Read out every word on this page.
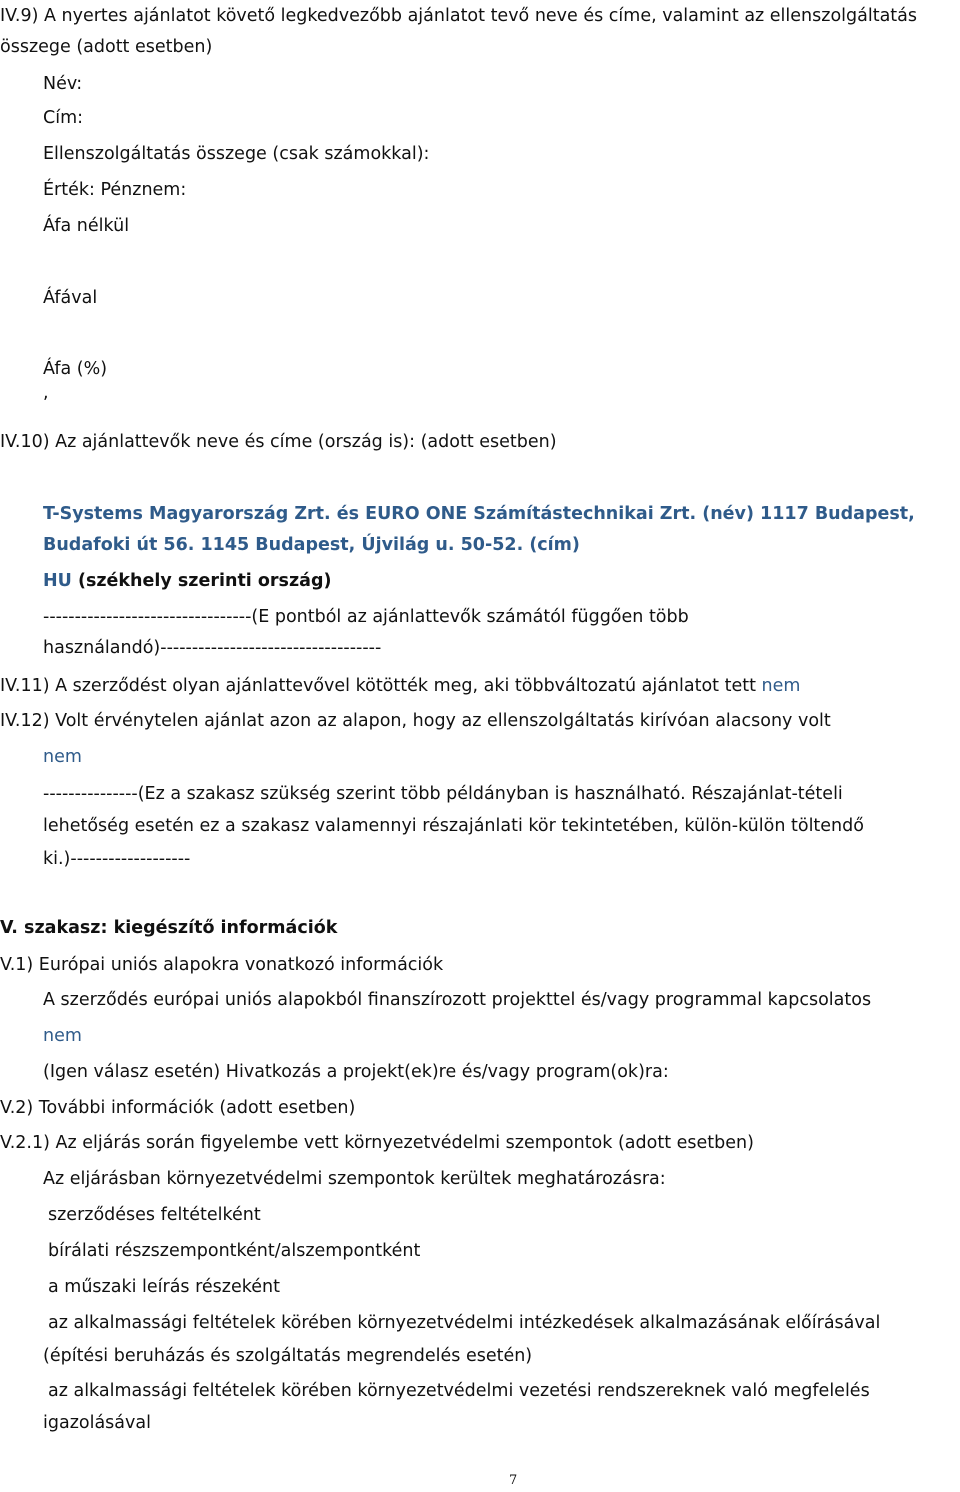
IV.9) A nyertes ajánlatot követő legkedvezőbb ajánlatot tevő neve és címe, valamint az ellenszolgáltatás
összege (adott esetben)
Név:
Cím:
Ellenszolgáltatás összege (csak számokkal):
Érték: Pénznem:
Áfa nélkül
Áfával
Áfa (%)
,
IV.10) Az ajánlattevők neve és címe (ország is): (adott esetben)
T-Systems Magyarország Zrt. és EURO ONE Számítástechnikai Zrt. (név) 1117 Budapest,
Budafoki út 56. 1145 Budapest, Újvilág u. 50-52. (cím)
HU (székhely szerinti ország)
---------------------------------(E pontból az ajánlattevők számától függően több
használandó)-----------------------------------
IV.11) A szerződést olyan ajánlattevővel kötötték meg, aki többváltozatú ajánlatot tett nem
IV.12) Volt érvénytelen ajánlat azon az alapon, hogy az ellenszolgáltatás kirívóan alacsony volt
nem
---------------(Ez a szakasz szükség szerint több példányban is használható. Részajánlat-tételi
lehetőség esetén ez a szakasz valamennyi részajánlati kör tekintetében, külön-külön töltendő
ki.)-------------------
V. szakasz: kiegészítő információk
V.1) Európai uniós alapokra vonatkozó információk
A szerződés európai uniós alapokból finanszírozott projekttel és/vagy programmal kapcsolatos
nem
(Igen válasz esetén) Hivatkozás a projekt(ek)re és/vagy program(ok)ra:
V.2) További információk (adott esetben)
V.2.1) Az eljárás során figyelembe vett környezetvédelmi szempontok (adott esetben)
Az eljárásban környezetvédelmi szempontok kerültek meghatározásra:
szerződéses feltételként
bírálati részszempontként/alszempontként
a műszaki leírás részeként
az alkalmassági feltételek körében környezetvédelmi intézkedések alkalmazásának előírásával
(építési beruházás és szolgáltatás megrendelés esetén)
az alkalmassági feltételek körében környezetvédelmi vezetési rendszereknek való megfelelés
igazolásával
7
